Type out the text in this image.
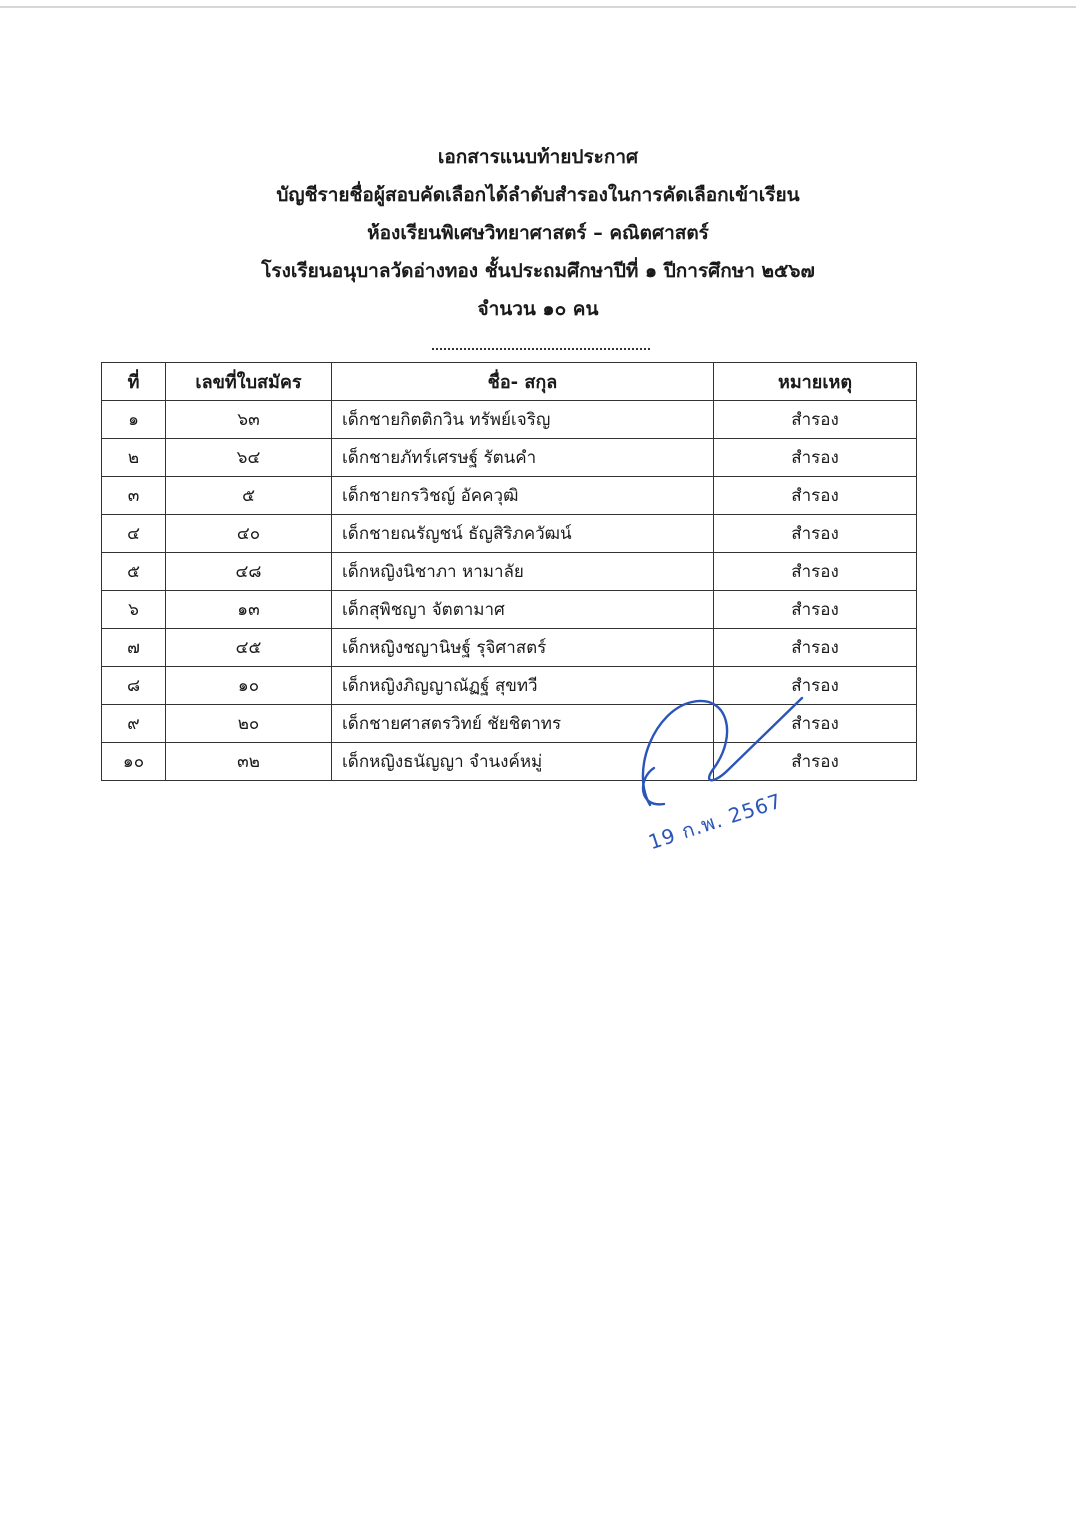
เอกสารแนบท้ายประกาศ
บัญชีรายชื่อผู้สอบคัดเลือกได้ลำดับสำรองในการคัดเลือกเข้าเรียน
ห้องเรียนพิเศษวิทยาศาสตร์ – คณิตศาสตร์
โรงเรียนอนุบาลวัดอ่างทอง ชั้นประถมศึกษาปีที่ ๑ ปีการศึกษา ๒๕๖๗
จำนวน ๑๐ คน
ที่	เลขที่ใบสมัคร	ชื่อ- สกุล	หมายเหตุ
๑	๖๓	เด็กชายกิตติกวิน ทรัพย์เจริญ	สำรอง
๒	๖๔	เด็กชายภัทร์เศรษฐ์ รัตนคำ	สำรอง
๓	๕	เด็กชายกรวิชญ์ อัคควุฒิ	สำรอง
๔	๔๐	เด็กชายณรัญชน์ ธัญสิริภควัฒน์	สำรอง
๕	๔๘	เด็กหญิงนิชาภา หามาลัย	สำรอง
๖	๑๓	เด็กสุพิชญา จัตตามาศ	สำรอง
๗	๔๕	เด็กหญิงชญานิษฐ์ รุจิศาสตร์	สำรอง
๘	๑๐	เด็กหญิงภิญญาณัฏฐ์ สุขทวี	สำรอง
๙	๒๐	เด็กชายศาสตรวิทย์ ชัยชิตาทร	สำรอง
๑๐	๓๒	เด็กหญิงธนัญญา จำนงค์หมู่	สำรอง
19 ก.พ. 2567
